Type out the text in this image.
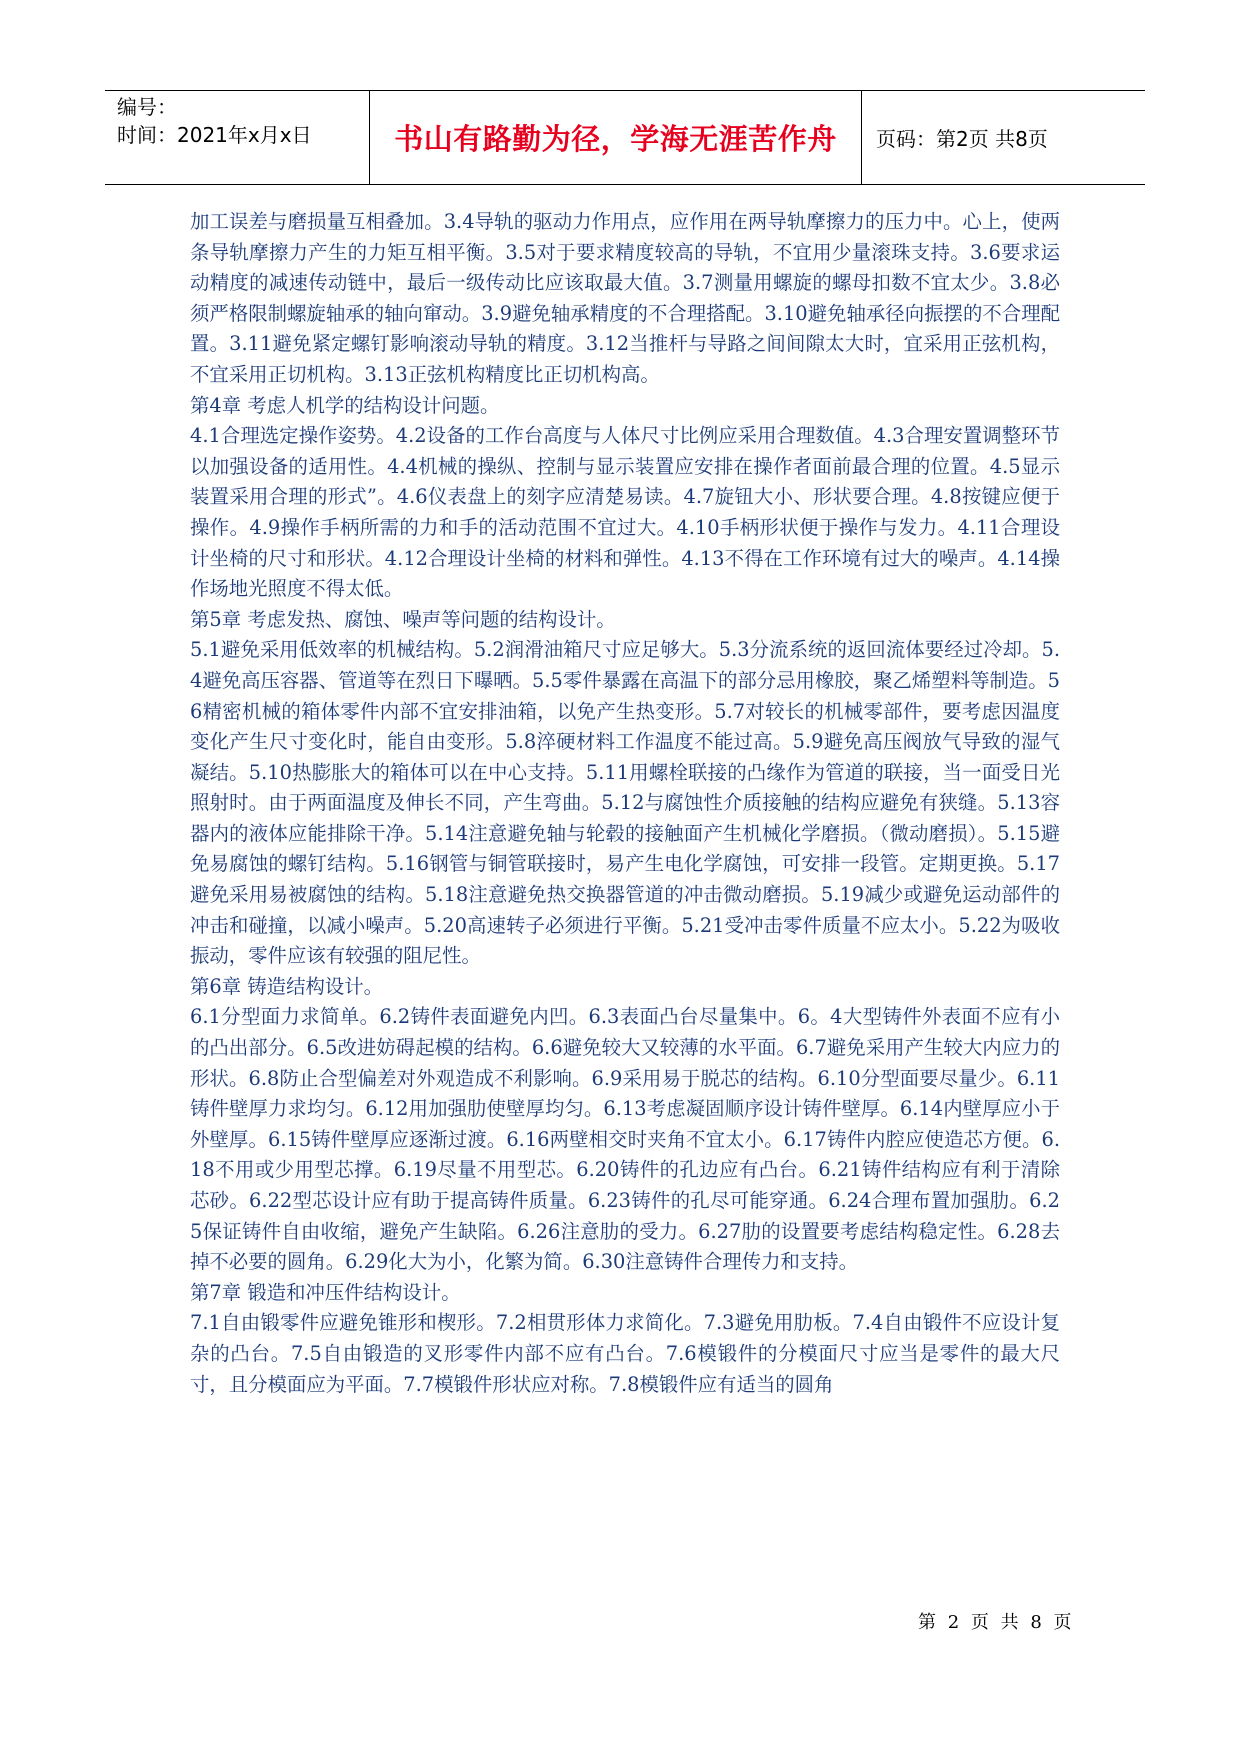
编号：
时间：2021年x月x日	书山有路勤为径，学海无涯苦作舟 页码：第2页 共8页

加工误差与磨损量互相叠加。3.4导轨的驱动力作用点，应作用在两导轨摩擦力的压力中。心上，使两条导轨摩擦力产生的力矩互相平衡。3.5对于要求精度较高的导轨，不宜用少量滚珠支持。3.6要求运动精度的减速传动链中，最后一级传动比应该取最大值。3.7测量用螺旋的螺母扣数不宜太少。3.8必须严格限制螺旋轴承的轴向窜动。3.9避免轴承精度的不合理搭配。3.10避免轴承径向振摆的不合理配置。3.11避免紧定螺钉影响滚动导轨的精度。3.12当推杆与导路之间间隙太大时，宜采用正弦机构，不宜采用正切机构。3.13正弦机构精度比正切机构高。

第4章 考虑人机学的结构设计问题。

4.1合理选定操作姿势。4.2设备的工作台高度与人体尺寸比例应采用合理数值。4.3合理安置调整环节以加强设备的适用性。4.4机械的操纵、控制与显示装置应安排在操作者面前最合理的位置。4.5显示装置采用合理的形式”。4.6仪表盘上的刻字应清楚易读。4.7旋钮大小、形状要合理。4.8按键应便于操作。4.9操作手柄所需的力和手的活动范围不宜过大。4.10手柄形状便于操作与发力。4.11合理设计坐椅的尺寸和形状。4.12合理设计坐椅的材料和弹性。4.13不得在工作环境有过大的噪声。4.14操作场地光照度不得太低。

第5章 考虑发热、腐蚀、噪声等问题的结构设计。

5.1避免采用低效率的机械结构。5.2润滑油箱尺寸应足够大。5.3分流系统的返回流体要经过冷却。5.4避免高压容器、管道等在烈日下曝晒。5.5零件暴露在高温下的部分忌用橡胶，聚乙烯塑料等制造。56精密机械的箱体零件内部不宜安排油箱，以免产生热变形。5.7对较长的机械零部件，要考虑因温度变化产生尺寸变化时，能自由变形。5.8淬硬材料工作温度不能过高。5.9避免高压阀放气导致的湿气凝结。5.10热膨胀大的箱体可以在中心支持。5.11用螺栓联接的凸缘作为管道的联接，当一面受日光照射时。由于两面温度及伸长不同，产生弯曲。5.12与腐蚀性介质接触的结构应避免有狭缝。5.13容器内的液体应能排除干净。5.14注意避免轴与轮毂的接触面产生机械化学磨损。（微动磨损）。5.15避免易腐蚀的螺钉结构。5.16钢管与铜管联接时，易产生电化学腐蚀，可安排一段管。定期更换。5.17避免采用易被腐蚀的结构。5.18注意避免热交换器管道的冲击微动磨损。5.19减少或避免运动部件的冲击和碰撞，以减小噪声。5.20高速转子必须进行平衡。5.21受冲击零件质量不应太小。5.22为吸收振动，零件应该有较强的阻尼性。

第6章 铸造结构设计。

6.1分型面力求简单。6.2铸件表面避免内凹。6.3表面凸台尽量集中。6。4大型铸件外表面不应有小的凸出部分。6.5改进妨碍起模的结构。6.6避免较大又较薄的水平面。6.7避免采用产生较大内应力的形状。6.8防止合型偏差对外观造成不利影响。6.9采用易于脱芯的结构。6.10分型面要尽量少。6.11铸件壁厚力求均匀。6.12用加强肋使壁厚均匀。6.13考虑凝固顺序设计铸件壁厚。6.14内壁厚应小于外壁厚。6.15铸件壁厚应逐渐过渡。6.16两壁相交时夹角不宜太小。6.17铸件内腔应使造芯方便。6.18不用或少用型芯撑。6.19尽量不用型芯。6.20铸件的孔边应有凸台。6.21铸件结构应有利于清除芯砂。6.22型芯设计应有助于提高铸件质量。6.23铸件的孔尽可能穿通。6.24合理布置加强肋。6.25保证铸件自由收缩，避免产生缺陷。6.26注意肋的受力。6.27肋的设置要考虑结构稳定性。6.28去掉不必要的圆角。6.29化大为小，化繁为简。6.30注意铸件合理传力和支持。

第7章 锻造和冲压件结构设计。

7.1自由锻零件应避免锥形和楔形。7.2相贯形体力求简化。7.3避免用肋板。7.4自由锻件不应设计复杂的凸台。7.5自由锻造的叉形零件内部不应有凸台。7.6模锻件的分模面尺寸应当是零件的最大尺寸，且分模面应为平面。7.7模锻件形状应对称。7.8模锻件应有适当的圆角

第 2 页 共 8 页
